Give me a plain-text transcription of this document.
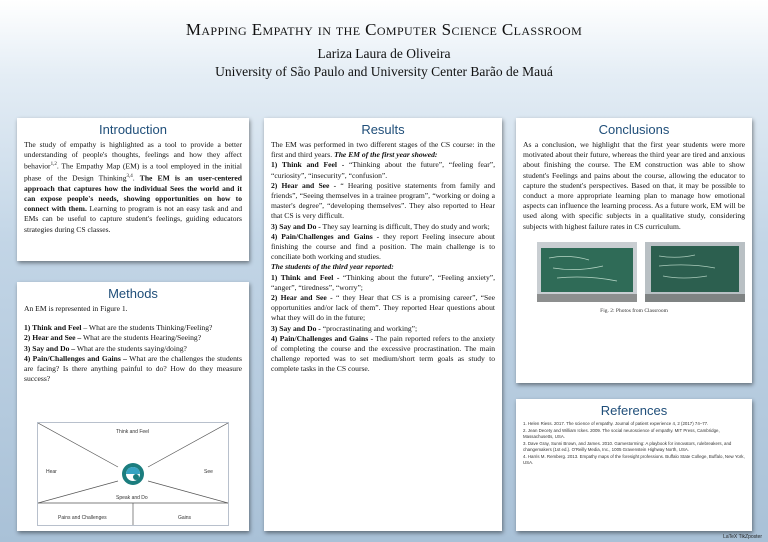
Mapping Empathy in the Computer Science Classroom
Lariza Laura de Oliveira
University of São Paulo and University Center Barão de Mauá
Introduction
The study of empathy is highlighted as a tool to provide a better understanding of people's thoughts, feelings and how they affect behavior$^{1,2}$. The Empathy Map (EM) is a tool employed in the initial phase of the Design Thinking$^{3,4}$. The EM is an user-centered approach that captures how the individual Sees the world and it can expose people's needs, showing opportunities on how to connect with them. Learning to program is not an easy task and and EMs can be useful to capture student's feelings, guiding educators strategies during CS classes.
Methods

An EM is represented in Figure 1.

1) Think and Feel – What are the students Thinking/Feeling?

2) Hear and See – What are the students Hearing/Seeing?

3) Say and Do – What are the students saying/doing?

4) Pain/Challenges and Gains – What are the challenges the students are facing? Is there anything painful to do? How do they measure success?

Think and Feel
Hear	See
Speak and Do
Pains and Challenges	Gains
Results

The EM was performed in two different stages of the CS course: in the first and third years. The EM of the first year showed:

1) Think and Feel - “Thinking about the future”, “feeling fear”, “curiosity”, “insecurity”, “confusion”.

2) Hear and See - “ Hearing positive statements from family and friends”, “Seeing themselves in a trainee program”, “working or doing a master's degree”, “developing themselves”. They also reported to Hear that CS is very difficult.

3) Say and Do - They say learning is difficult, They do study and work;

4) Pain/Challenges and Gains - they report Feeling insecure about finishing the course and find a position. The main challenge is to conciliate both working and studies.

The students of the third year reported:

1) Think and Feel - “Thinking about the future”, “Feeling anxiety”, “anger”, “tiredness”, “worry”;

2) Hear and See - “ they Hear that CS is a promising career”, “See opportunities and/or lack of them”. They reported Hear questions about what they will do in the future;

3) Say and Do - “procrastinating and working”;

4) Pain/Challenges and Gains - The pain reported refers to the anxiety of completing the course and the excessive procrastination. The main challenge reported was to set medium/short term goals as study to complete tasks in the CS course.

Conclusions
As a conclusion, we highlight that the first year students were more motivated about their future, whereas the third year are tired and anxious about finishing the course. The EM construction was able to show student's Feelings and pains about the course, allowing the educator to capture the student's perspectives. Based on that, it may be possible to conduct a more appropriate learning plan to manage how emotional aspects can influence the learning process. As a future work, EM will be used along with specific subjects in a qualitative study, considering subjects with highest failure rates in CS curriculum.
Fig. 2: Photos from Classroom
References

1. Helen Riess. 2017. The science of empathy. Journal of patient experience 4, 2 (2017) 74–77.

2. Jean Decety and William Ickes. 2009. The social neuroscience of empathy. MIT Press, Cambridge, Massachusetts, USA.

3. Dave Gray, Sunni Brown, and James. 2010. Gamestorming: A playbook for innovators, rulebreakers, and changemakers (1st ed.). O'Reilly Media, Inc., 1005 Gravenstein Highway North, USA.

4. Harris M. Remberg. 2013. Empathy maps of the foresight professions. Buffalo State College, Buffalo, New York, USA.

LaTeX TikZposter
